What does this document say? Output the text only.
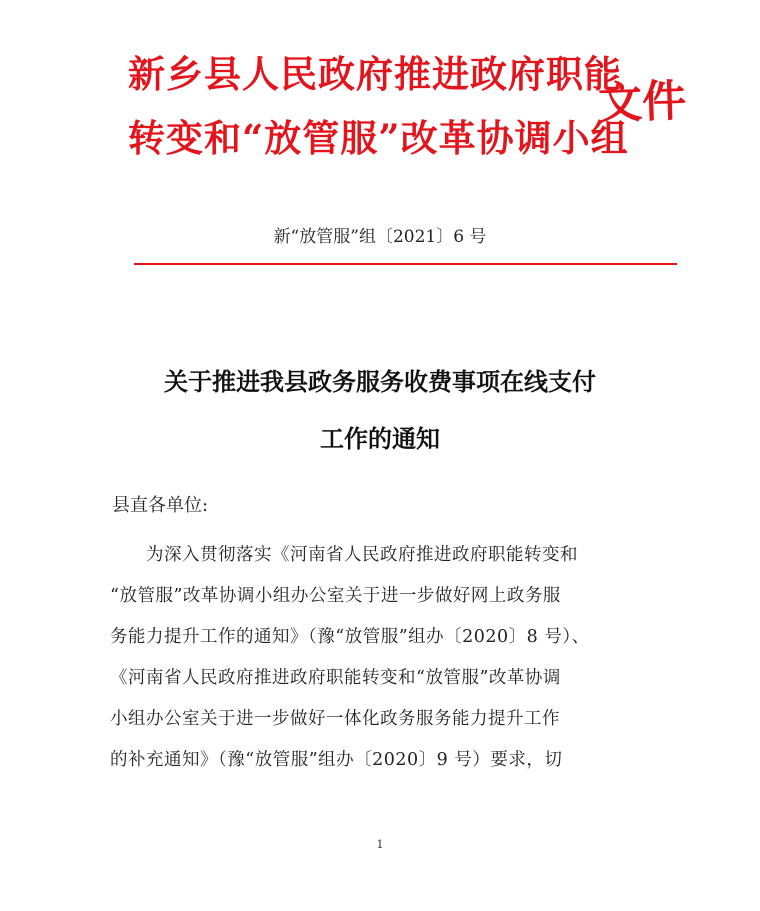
新乡县人民政府推进政府职能
转变和“放管服”改革协调小组
文件
新“放管服”组〔2021〕6 号
关于推进我县政务服务收费事项在线支付
工作的通知
县直各单位:
　　为深入贯彻落实《河南省人民政府推进政府职能转变和
“放管服”改革协调小组办公室关于进一步做好网上政务服
务能力提升工作的通知》（豫“放管服”组办〔2020〕8 号）、
《河南省人民政府推进政府职能转变和“放管服”改革协调
小组办公室关于进一步做好一体化政务服务能力提升工作
的补充通知》（豫“放管服”组办〔2020〕9 号）要求，切
1
